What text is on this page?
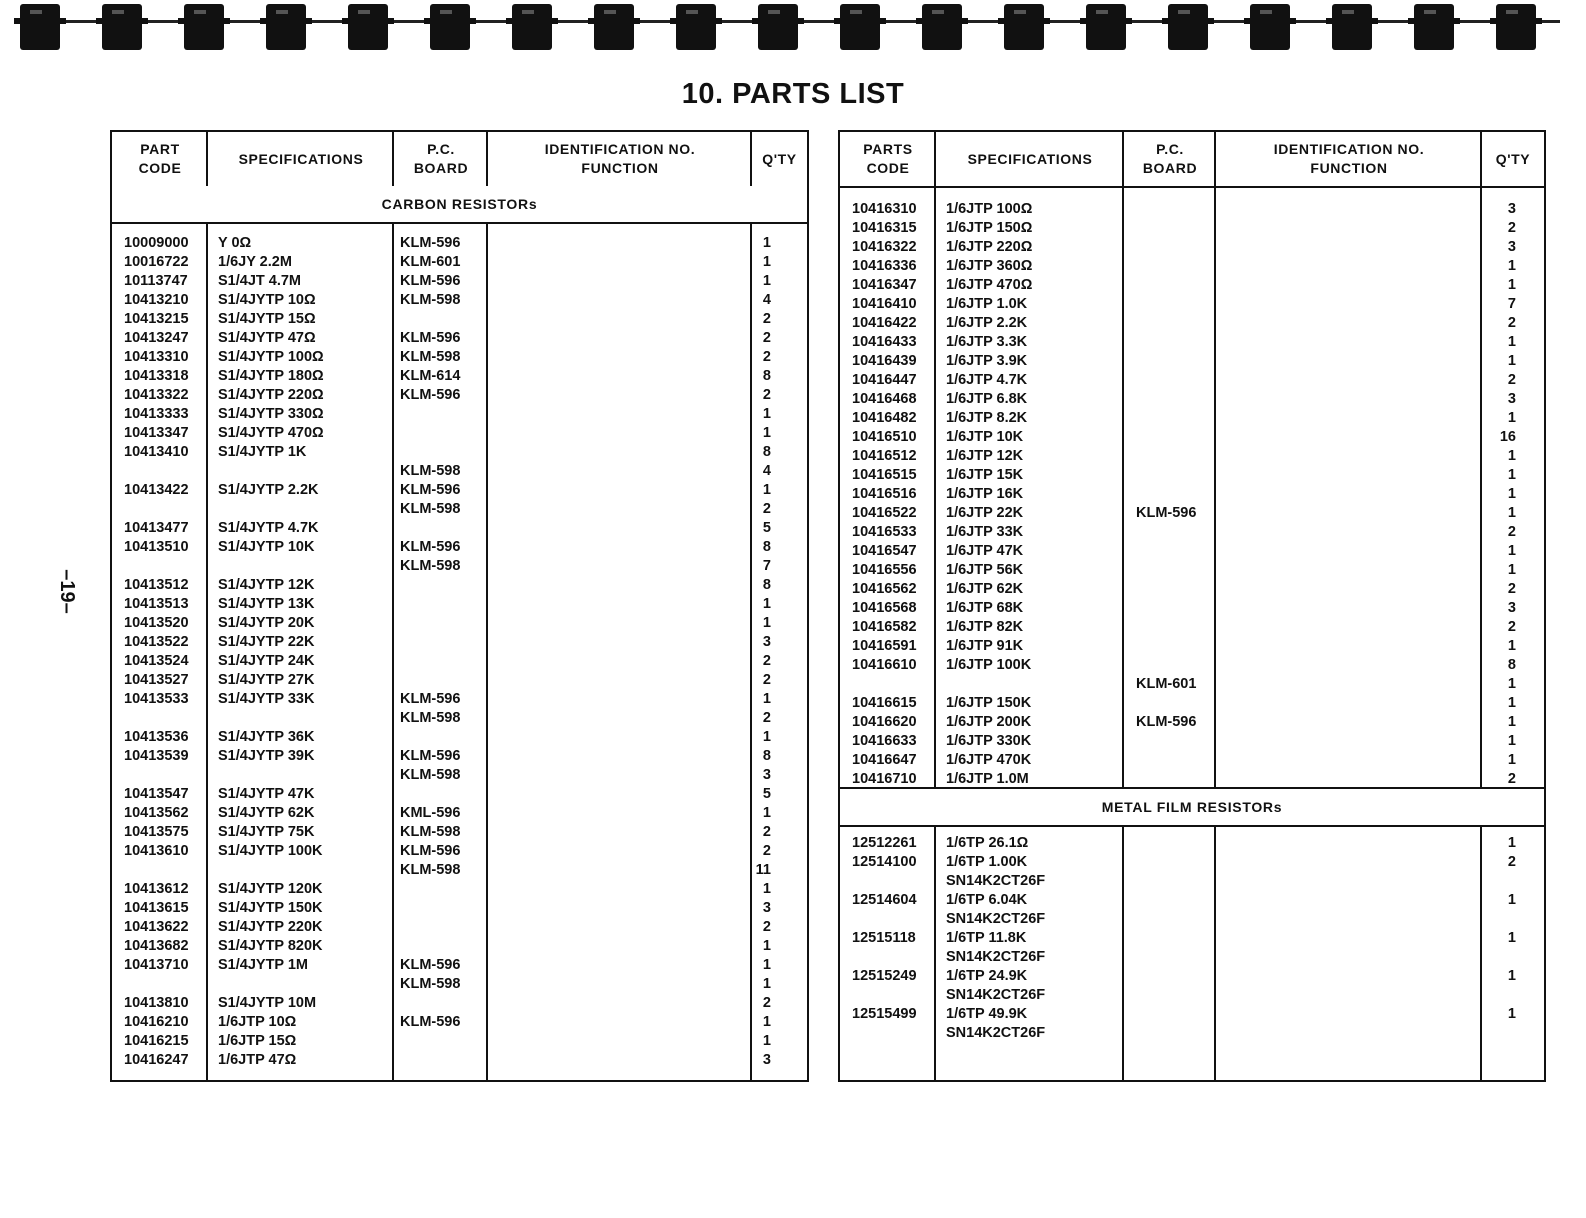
10. PARTS LIST
–19–
PART
CODE
SPECIFICATIONS
P.C.
BOARD
IDENTIFICATION NO.
FUNCTION
Q'TY
CARBON RESISTORs
10009000 Y 0Ω	KLM-596	1
10016722 1/6JY 2.2M	KLM-601	1
10113747 S1/4JT 4.7M	KLM-596	1
10413210 S1/4JYTP 10Ω	KLM-598	4
10413215 S1/4JYTP 15Ω	2
10413247 S1/4JYTP 47Ω	KLM-596	2
10413310 S1/4JYTP 100Ω	KLM-598	2
10413318 S1/4JYTP 180Ω	KLM-614	8
10413322 S1/4JYTP 220Ω	KLM-596	2
10413333 S1/4JYTP 330Ω	1
10413347 S1/4JYTP 470Ω	1
10413410 S1/4JYTP 1K	8
KLM-598	4
10413422 S1/4JYTP 2.2K	KLM-596	1
KLM-598	2
10413477 S1/4JYTP 4.7K	5
10413510 S1/4JYTP 10K	KLM-596	8
KLM-598	7
10413512 S1/4JYTP 12K	8
10413513 S1/4JYTP 13K	1
10413520 S1/4JYTP 20K	1
10413522 S1/4JYTP 22K	3
10413524 S1/4JYTP 24K	2
10413527 S1/4JYTP 27K	2
10413533 S1/4JYTP 33K	KLM-596	1
KLM-598	2
10413536 S1/4JYTP 36K	1
10413539 S1/4JYTP 39K	KLM-596	8
KLM-598	3
10413547 S1/4JYTP 47K	5
10413562 S1/4JYTP 62K	KML-596	1
10413575 S1/4JYTP 75K	KLM-598	2
10413610 S1/4JYTP 100K	KLM-596	2
KLM-598	11
10413612 S1/4JYTP 120K	1
10413615 S1/4JYTP 150K	3
10413622 S1/4JYTP 220K	2
10413682 S1/4JYTP 820K	1
10413710 S1/4JYTP 1M	KLM-596	1
KLM-598	1
10413810 S1/4JYTP 10M	2
10416210 1/6JTP 10Ω	KLM-596	1
10416215 1/6JTP 15Ω	1
10416247 1/6JTP 47Ω	3
PARTS
CODE
SPECIFICATIONS
P.C.
BOARD
IDENTIFICATION NO.
FUNCTION
Q'TY
10416310 1/6JTP 100Ω	3
10416315 1/6JTP 150Ω	2
10416322 1/6JTP 220Ω	3
10416336 1/6JTP 360Ω	1
10416347 1/6JTP 470Ω	1
10416410 1/6JTP 1.0K	7
10416422 1/6JTP 2.2K	2
10416433 1/6JTP 3.3K	1
10416439 1/6JTP 3.9K	1
10416447 1/6JTP 4.7K	2
10416468 1/6JTP 6.8K	3
10416482 1/6JTP 8.2K	1
10416510 1/6JTP 10K	16
10416512 1/6JTP 12K	1
10416515 1/6JTP 15K	1
10416516 1/6JTP 16K	1
10416522 1/6JTP 22K	KLM-596	1
10416533 1/6JTP 33K	2
10416547 1/6JTP 47K	1
10416556 1/6JTP 56K	1
10416562 1/6JTP 62K	2
10416568 1/6JTP 68K	3
10416582 1/6JTP 82K	2
10416591 1/6JTP 91K	1
10416610 1/6JTP 100K	8
KLM-601	1
10416615 1/6JTP 150K	1
10416620 1/6JTP 200K	KLM-596	1
10416633 1/6JTP 330K	1
10416647 1/6JTP 470K	1
10416710 1/6JTP 1.0M	2
METAL FILM RESISTORs
12512261 1/6TP 26.1Ω	1
12514100 1/6TP 1.00K	2
SN14K2CT26F
12514604 1/6TP 6.04K	1
SN14K2CT26F
12515118 1/6TP 11.8K	1
SN14K2CT26F
12515249 1/6TP 24.9K	1
SN14K2CT26F
12515499 1/6TP 49.9K	1
SN14K2CT26F
